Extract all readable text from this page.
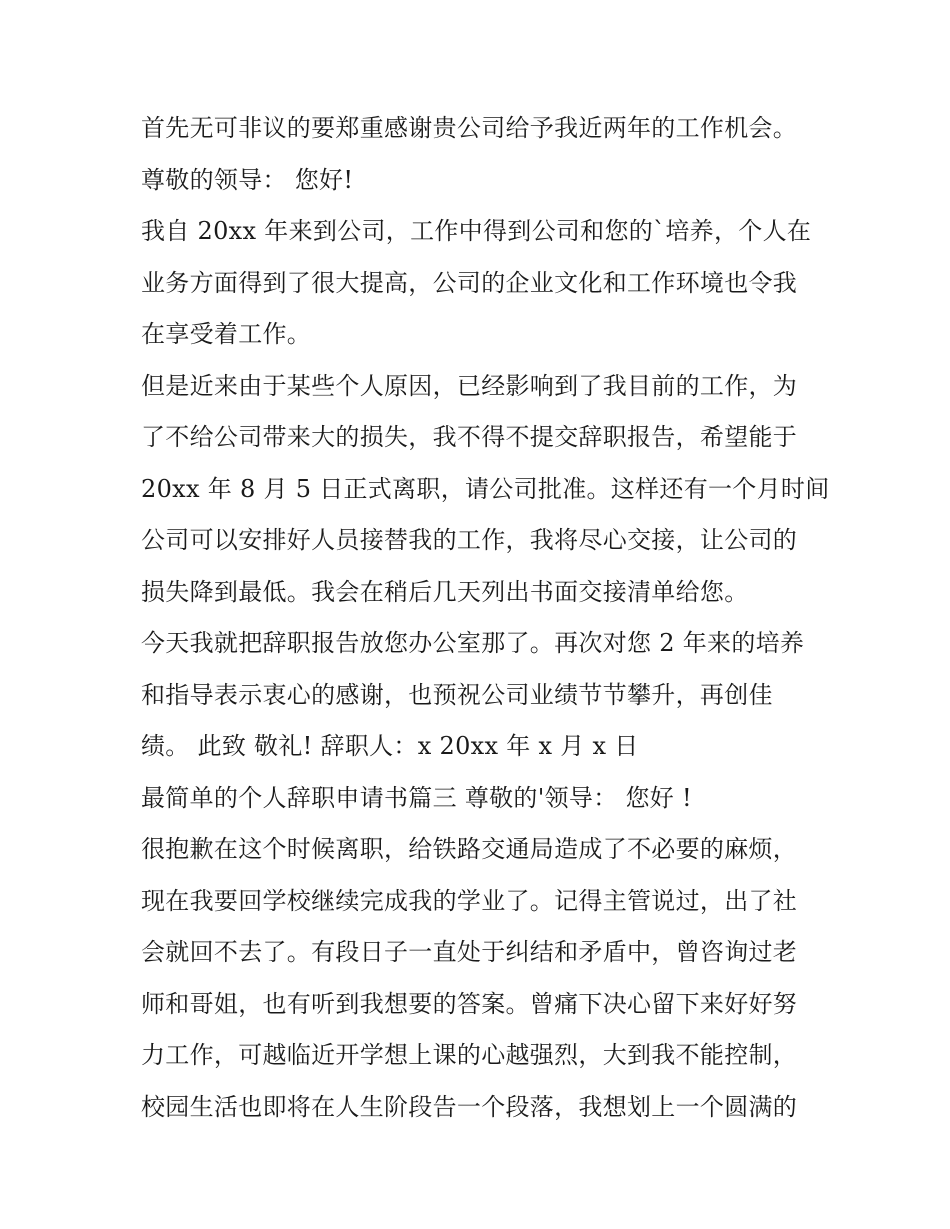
首先无可非议的要郑重感谢贵公司给予我近两年的工作机会。
尊敬的领导： 您好!
我自 20xx 年来到公司，工作中得到公司和您的`培养，个人在
业务方面得到了很大提高，公司的企业文化和工作环境也令我
在享受着工作。
但是近来由于某些个人原因，已经影响到了我目前的工作，为
了不给公司带来大的损失，我不得不提交辞职报告，希望能于
20xx 年 8 月 5 日正式离职，请公司批准。这样还有一个月时间
公司可以安排好人员接替我的工作，我将尽心交接，让公司的
损失降到最低。我会在稍后几天列出书面交接清单给您。
今天我就把辞职报告放您办公室那了。再次对您 2 年来的培养
和指导表示衷心的感谢，也预祝公司业绩节节攀升，再创佳
绩。 此致 敬礼! 辞职人：x 20xx 年 x 月 x 日
最简单的个人辞职申请书篇三 尊敬的'领导： 您好 !
很抱歉在这个时候离职，给铁路交通局造成了不必要的麻烦，
现在我要回学校继续完成我的学业了。记得主管说过，出了社
会就回不去了。有段日子一直处于纠结和矛盾中，曾咨询过老
师和哥姐，也有听到我想要的答案。曾痛下决心留下来好好努
力工作，可越临近开学想上课的心越强烈，大到我不能控制，
校园生活也即将在人生阶段告一个段落，我想划上一个圆满的
